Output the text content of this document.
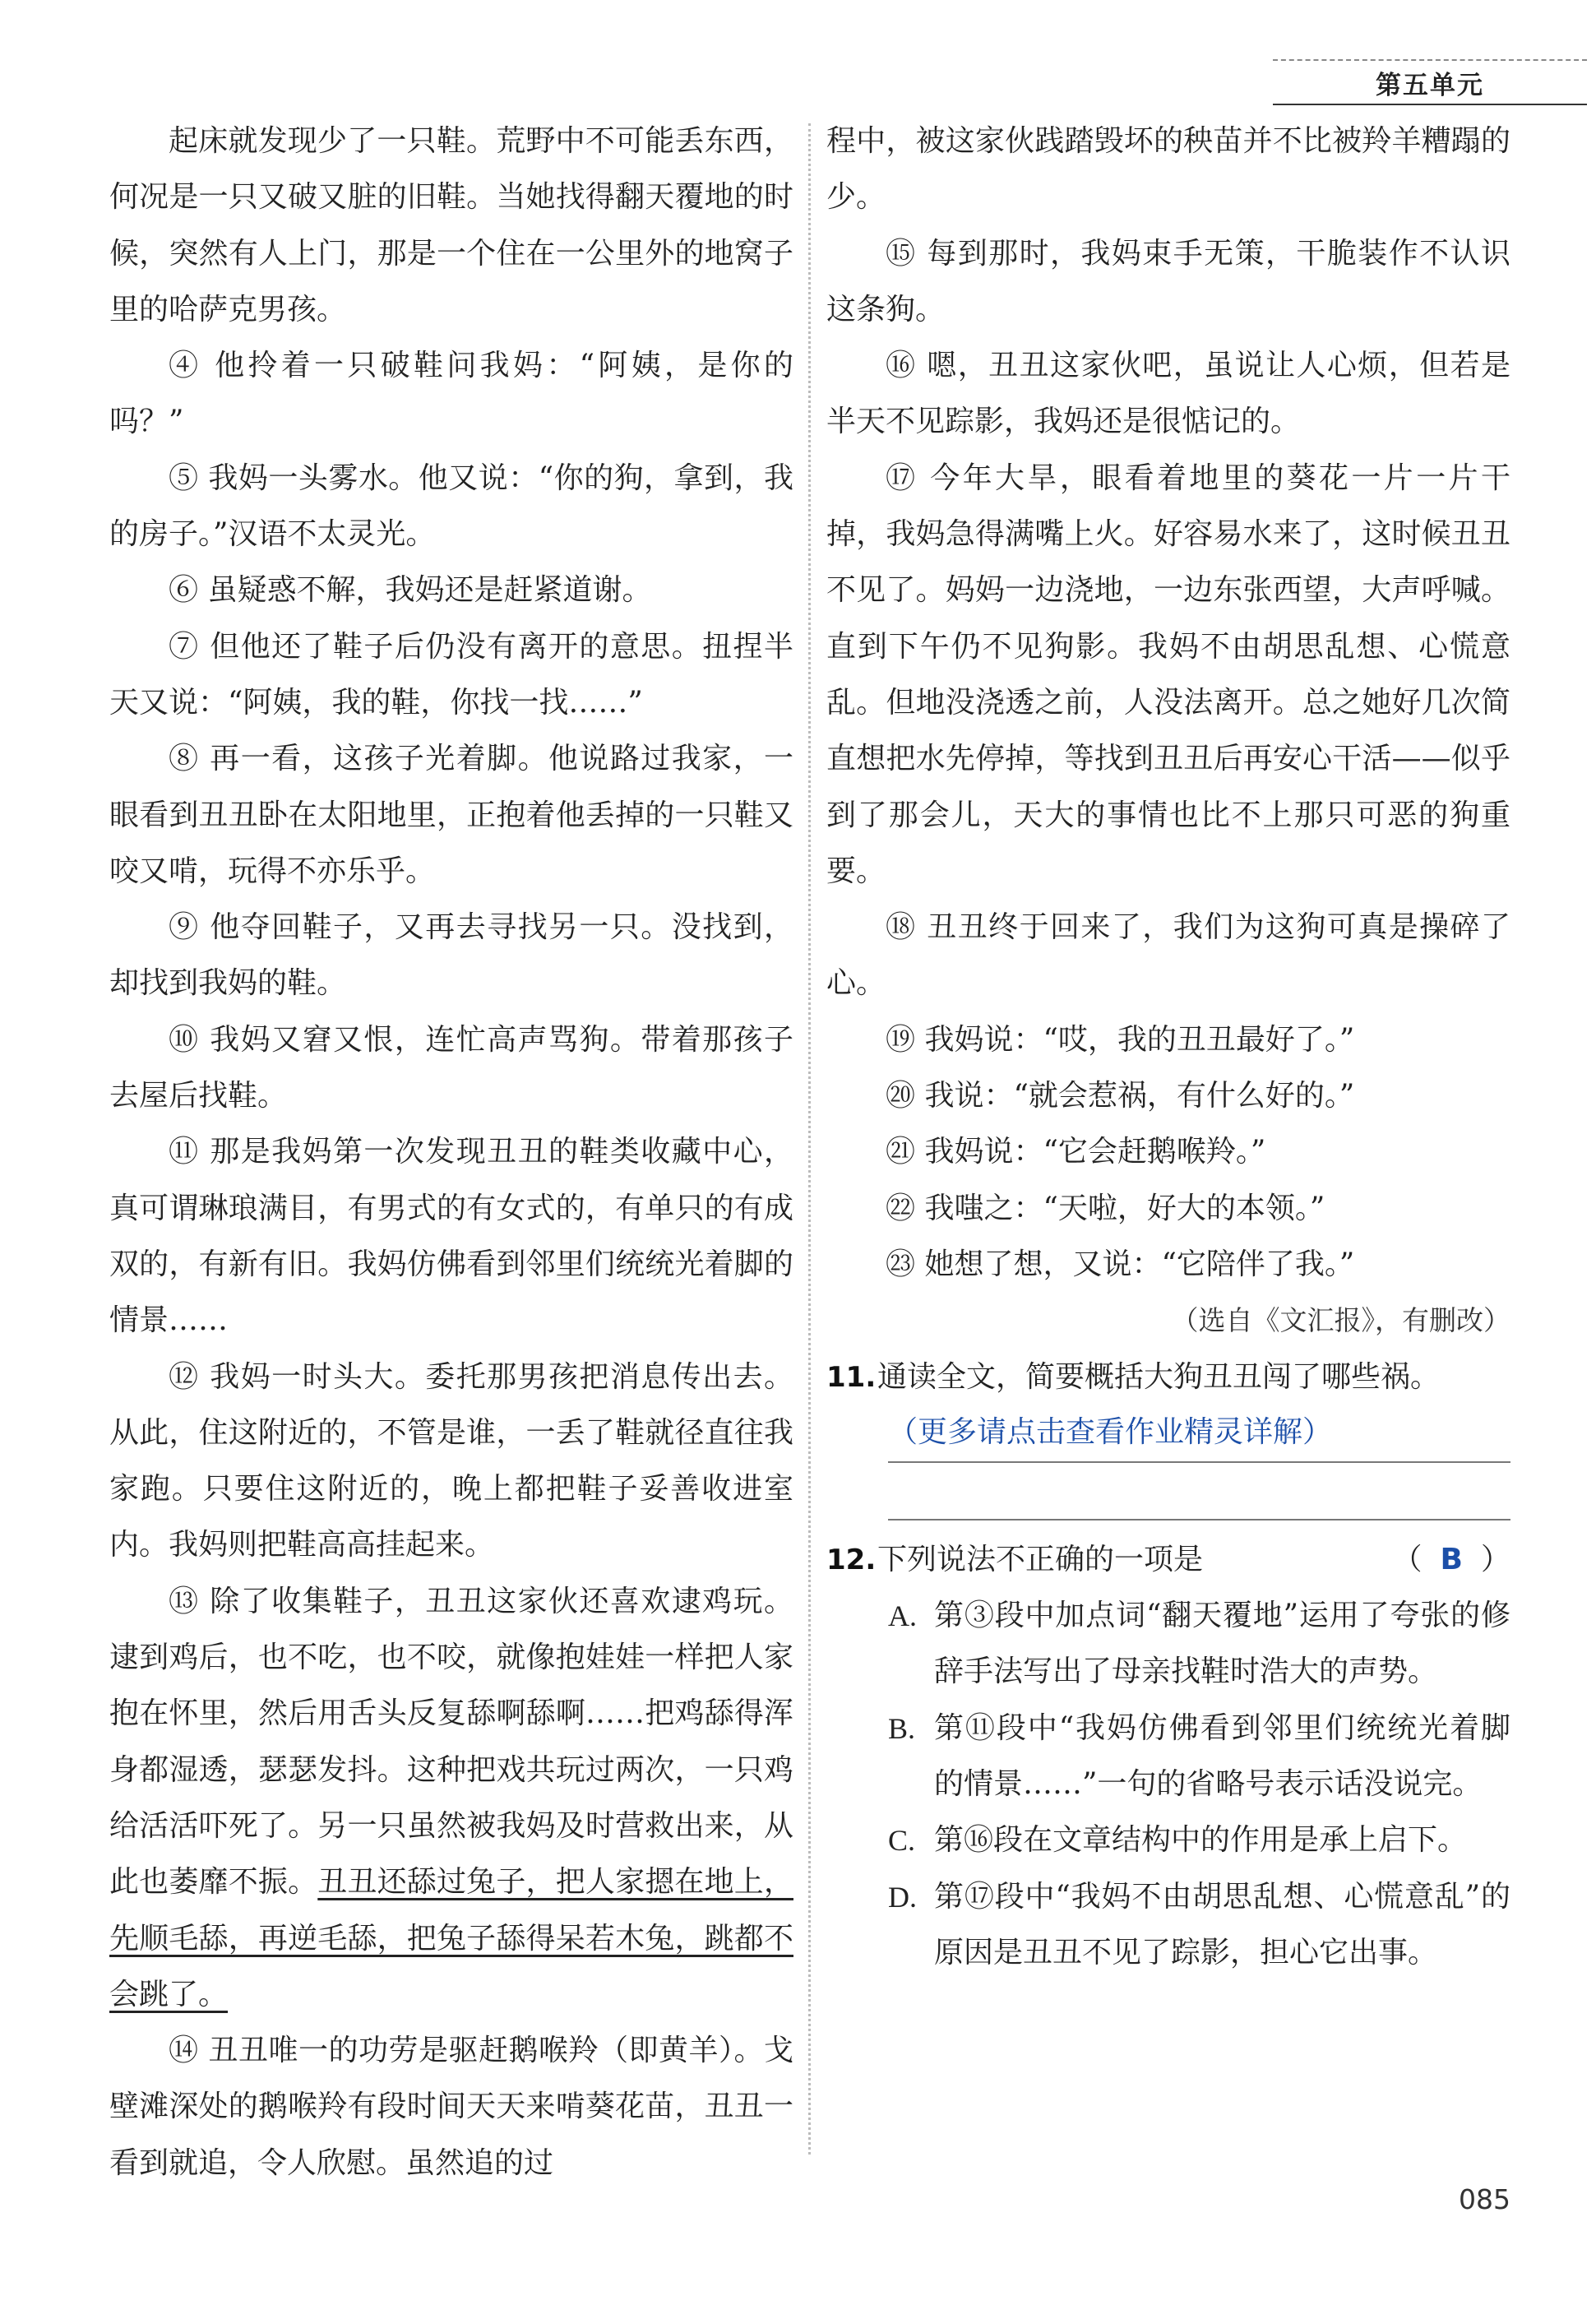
第五单元

起床就发现少了一只鞋。荒野中不可能丢东西，何况是一只又破又脏的旧鞋。当她找得翻天覆地的时候，突然有人上门，那是一个住在一公里外的地窝子里的哈萨克男孩。

④ 他拎着一只破鞋问我妈：“阿姨，是你的吗？”

⑤ 我妈一头雾水。他又说：“你的狗，拿到，我的房子。”汉语不太灵光。

⑥ 虽疑惑不解，我妈还是赶紧道谢。

⑦ 但他还了鞋子后仍没有离开的意思。扭捏半天又说：“阿姨，我的鞋，你找一找……”

⑧ 再一看，这孩子光着脚。他说路过我家，一眼看到丑丑卧在太阳地里，正抱着他丢掉的一只鞋又咬又啃，玩得不亦乐乎。

⑨ 他夺回鞋子，又再去寻找另一只。没找到，却找到我妈的鞋。

⑩ 我妈又窘又恨，连忙高声骂狗。带着那孩子去屋后找鞋。

⑪ 那是我妈第一次发现丑丑的鞋类收藏中心，真可谓琳琅满目，有男式的有女式的，有单只的有成双的，有新有旧。我妈仿佛看到邻里们统统光着脚的情景……

⑫ 我妈一时头大。委托那男孩把消息传出去。从此，住这附近的，不管是谁，一丢了鞋就径直往我家跑。只要住这附近的，晚上都把鞋子妥善收进室内。我妈则把鞋高高挂起来。

⑬ 除了收集鞋子，丑丑这家伙还喜欢逮鸡玩。逮到鸡后，也不吃，也不咬，就像抱娃娃一样把人家抱在怀里，然后用舌头反复舔啊舔啊……把鸡舔得浑身都湿透，瑟瑟发抖。这种把戏共玩过两次，一只鸡给活活吓死了。另一只虽然被我妈及时营救出来，从此也萎靡不振。丑丑还舔过兔子，把人家摁在地上，先顺毛舔，再逆毛舔，把兔子舔得呆若木兔，跳都不会跳了。

⑭ 丑丑唯一的功劳是驱赶鹅喉羚（即黄羊）。戈壁滩深处的鹅喉羚有段时间天天来啃葵花苗，丑丑一看到就追，令人欣慰。虽然追的过

程中，被这家伙践踏毁坏的秧苗并不比被羚羊糟蹋的少。

⑮ 每到那时，我妈束手无策，干脆装作不认识这条狗。

⑯ 嗯，丑丑这家伙吧，虽说让人心烦，但若是半天不见踪影，我妈还是很惦记的。

⑰ 今年大旱，眼看着地里的葵花一片一片干掉，我妈急得满嘴上火。好容易水来了，这时候丑丑不见了。妈妈一边浇地，一边东张西望，大声呼喊。直到下午仍不见狗影。我妈不由胡思乱想、心慌意乱。但地没浇透之前，人没法离开。总之她好几次简直想把水先停掉，等找到丑丑后再安心干活——似乎到了那会儿，天大的事情也比不上那只可恶的狗重要。

⑱ 丑丑终于回来了，我们为这狗可真是操碎了心。

⑲ 我妈说：“哎，我的丑丑最好了。”

⑳ 我说：“就会惹祸，有什么好的。”

㉑ 我妈说：“它会赶鹅喉羚。”

㉒ 我嗤之：“天啦，好大的本领。”

㉓ 她想了想，又说：“它陪伴了我。”

（选自《文汇报》，有删改）

11. 通读全文，简要概括大狗丑丑闯了哪些祸。
（更多请点击查看作业精灵详解）
12. 下列说法不正确的一项是	（ B ）
A. 第③段中加点词“翻天覆地”运用了夸张的修辞手法写出了母亲找鞋时浩大的声势。
B. 第⑪段中“我妈仿佛看到邻里们统统光着脚的情景……”一句的省略号表示话没说完。
C. 第⑯段在文章结构中的作用是承上启下。
D. 第⑰段中“我妈不由胡思乱想、心慌意乱”的原因是丑丑不见了踪影，担心它出事。
085
